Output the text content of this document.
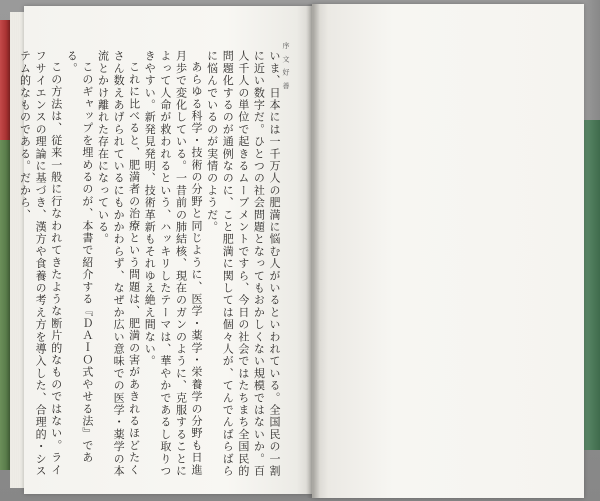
序 文 好 善

いま、日本には一千万人の肥満に悩む人がいるといわれている。全国民の一割に近い数字だ。ひとつの社会問題となってもおかしくない規模ではないか。百人千人の単位で起きるムーブメントですら、今日の社会ではたちまち全国民的問題化するのが通例なのに、こと肥満に関しては個々人が、てんでんばらばらに悩んでいるのが実情のようだ。

あらゆる科学・技術の分野と同じように、医学・薬学・栄養学の分野も日進月歩で変化している。一昔前の肺結核、現在のガンのように、克服することによって人命が救われるという、ハッキリしたテーマは、華やかであるし取りつきやすい。新発見発明、技術革新もそれゆえ絶え間ない。

これに比べると、肥満者の治療という問題は、肥満の害があきれるほどたくさん数えあげられているにもかかわらず、なぜか広い意味での医学・薬学の本流とかけ離れた存在になっている。

このギャップを埋めるのが、本書で紹介する『ＤＡＩＯ式やせる法』である。

この方法は、従来一般に行なわれてきたような断片的なものではない。ライフサイエンスの理論に基づき、漢方や食養の考え方を導入した、合理的・システム的なものである。だから、
